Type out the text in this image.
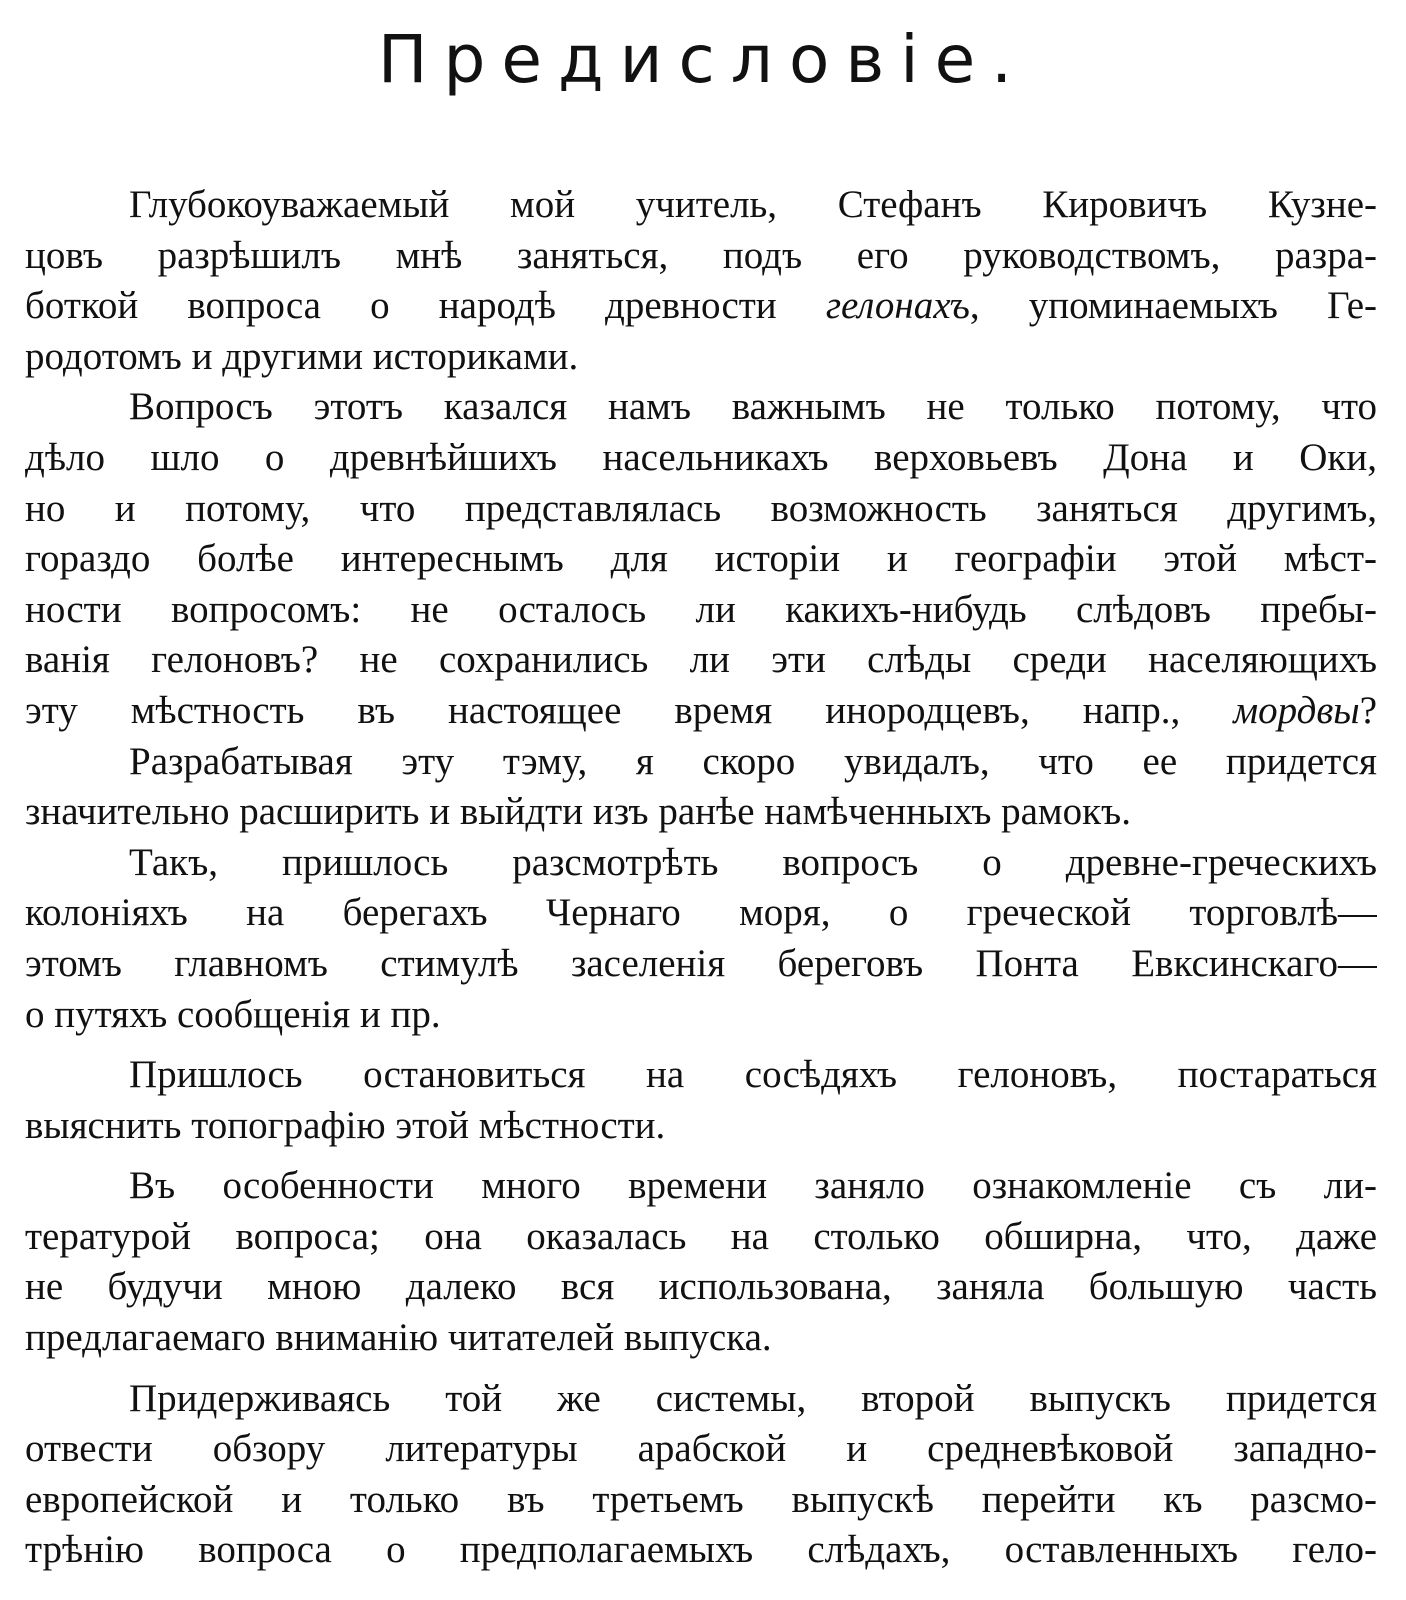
Предисловіе.
Глубокоуважаемый мой учитель, Стефанъ Кировичъ Кузне-
цовъ разрѣшилъ мнѣ заняться, подъ его руководствомъ, разра-
боткой вопроса о народѣ древности гелонахъ, упоминаемыхъ Ге-
родотомъ и другими историками.
Вопросъ этотъ казался намъ важнымъ не только потому, что
дѣло шло о древнѣйшихъ насельникахъ верховьевъ Дона и Оки,
но и потому, что представлялась возможность заняться другимъ,
гораздо болѣе интереснымъ для исторіи и географіи этой мѣст-
ности вопросомъ: не осталось ли какихъ-нибудь слѣдовъ пребы-
ванія гелоновъ? не сохранились ли эти слѣды среди населяющихъ
эту мѣстность въ настоящее время инородцевъ, напр., мордвы?
Разрабатывая эту тэму, я скоро увидалъ, что ее придется
значительно расширить и выйдти изъ ранѣе намѣченныхъ рамокъ.
Такъ, пришлось разсмотрѣть вопросъ о древне-греческихъ
колоніяхъ на берегахъ Чернаго моря, о греческой торговлѣ—
этомъ главномъ стимулѣ заселенія береговъ Понта Евксинскаго—
о путяхъ сообщенія и пр.
Пришлось остановиться на сосѣдяхъ гелоновъ, постараться
выяснить топографію этой мѣстности.
Въ особенности много времени заняло ознакомленіе съ ли-
тературой вопроса; она оказалась на столько обширна, что, даже
не будучи мною далеко вся использована, заняла большую часть
предлагаемаго вниманію читателей выпуска.
Придерживаясь той же системы, второй выпускъ придется
отвести обзору литературы арабской и средневѣковой западно-
европейской и только въ третьемъ выпускѣ перейти къ разсмо-
трѣнію вопроса о предполагаемыхъ слѣдахъ, оставленныхъ гело-
